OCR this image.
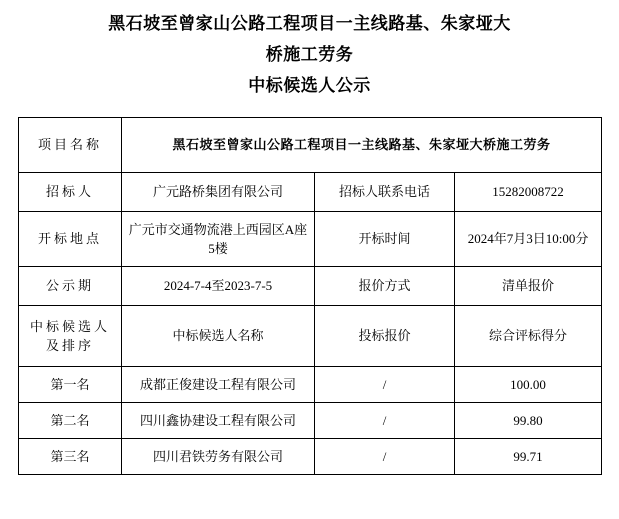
黑石坡至曾家山公路工程项目一主线路基、朱家垭大
桥施工劳务
中标候选人公示
项目名称	黑石坡至曾家山公路工程项目一主线路基、朱家垭大桥施工劳务		
招标人	广元路桥集团有限公司	招标人联系电话	15282008722
开标地点	广元市交通物流港上西园区A座5楼	开标时间	2024年7月3日10:00分
公示期	2024-7-4至2023-7-5	报价方式	清单报价
中标候选人及排序	中标候选人名称	投标报价	综合评标得分
第一名	成都正俊建设工程有限公司	/	100.00
第二名	四川鑫协建设工程有限公司	/	99.80
第三名	四川君铁劳务有限公司	/	99.71
